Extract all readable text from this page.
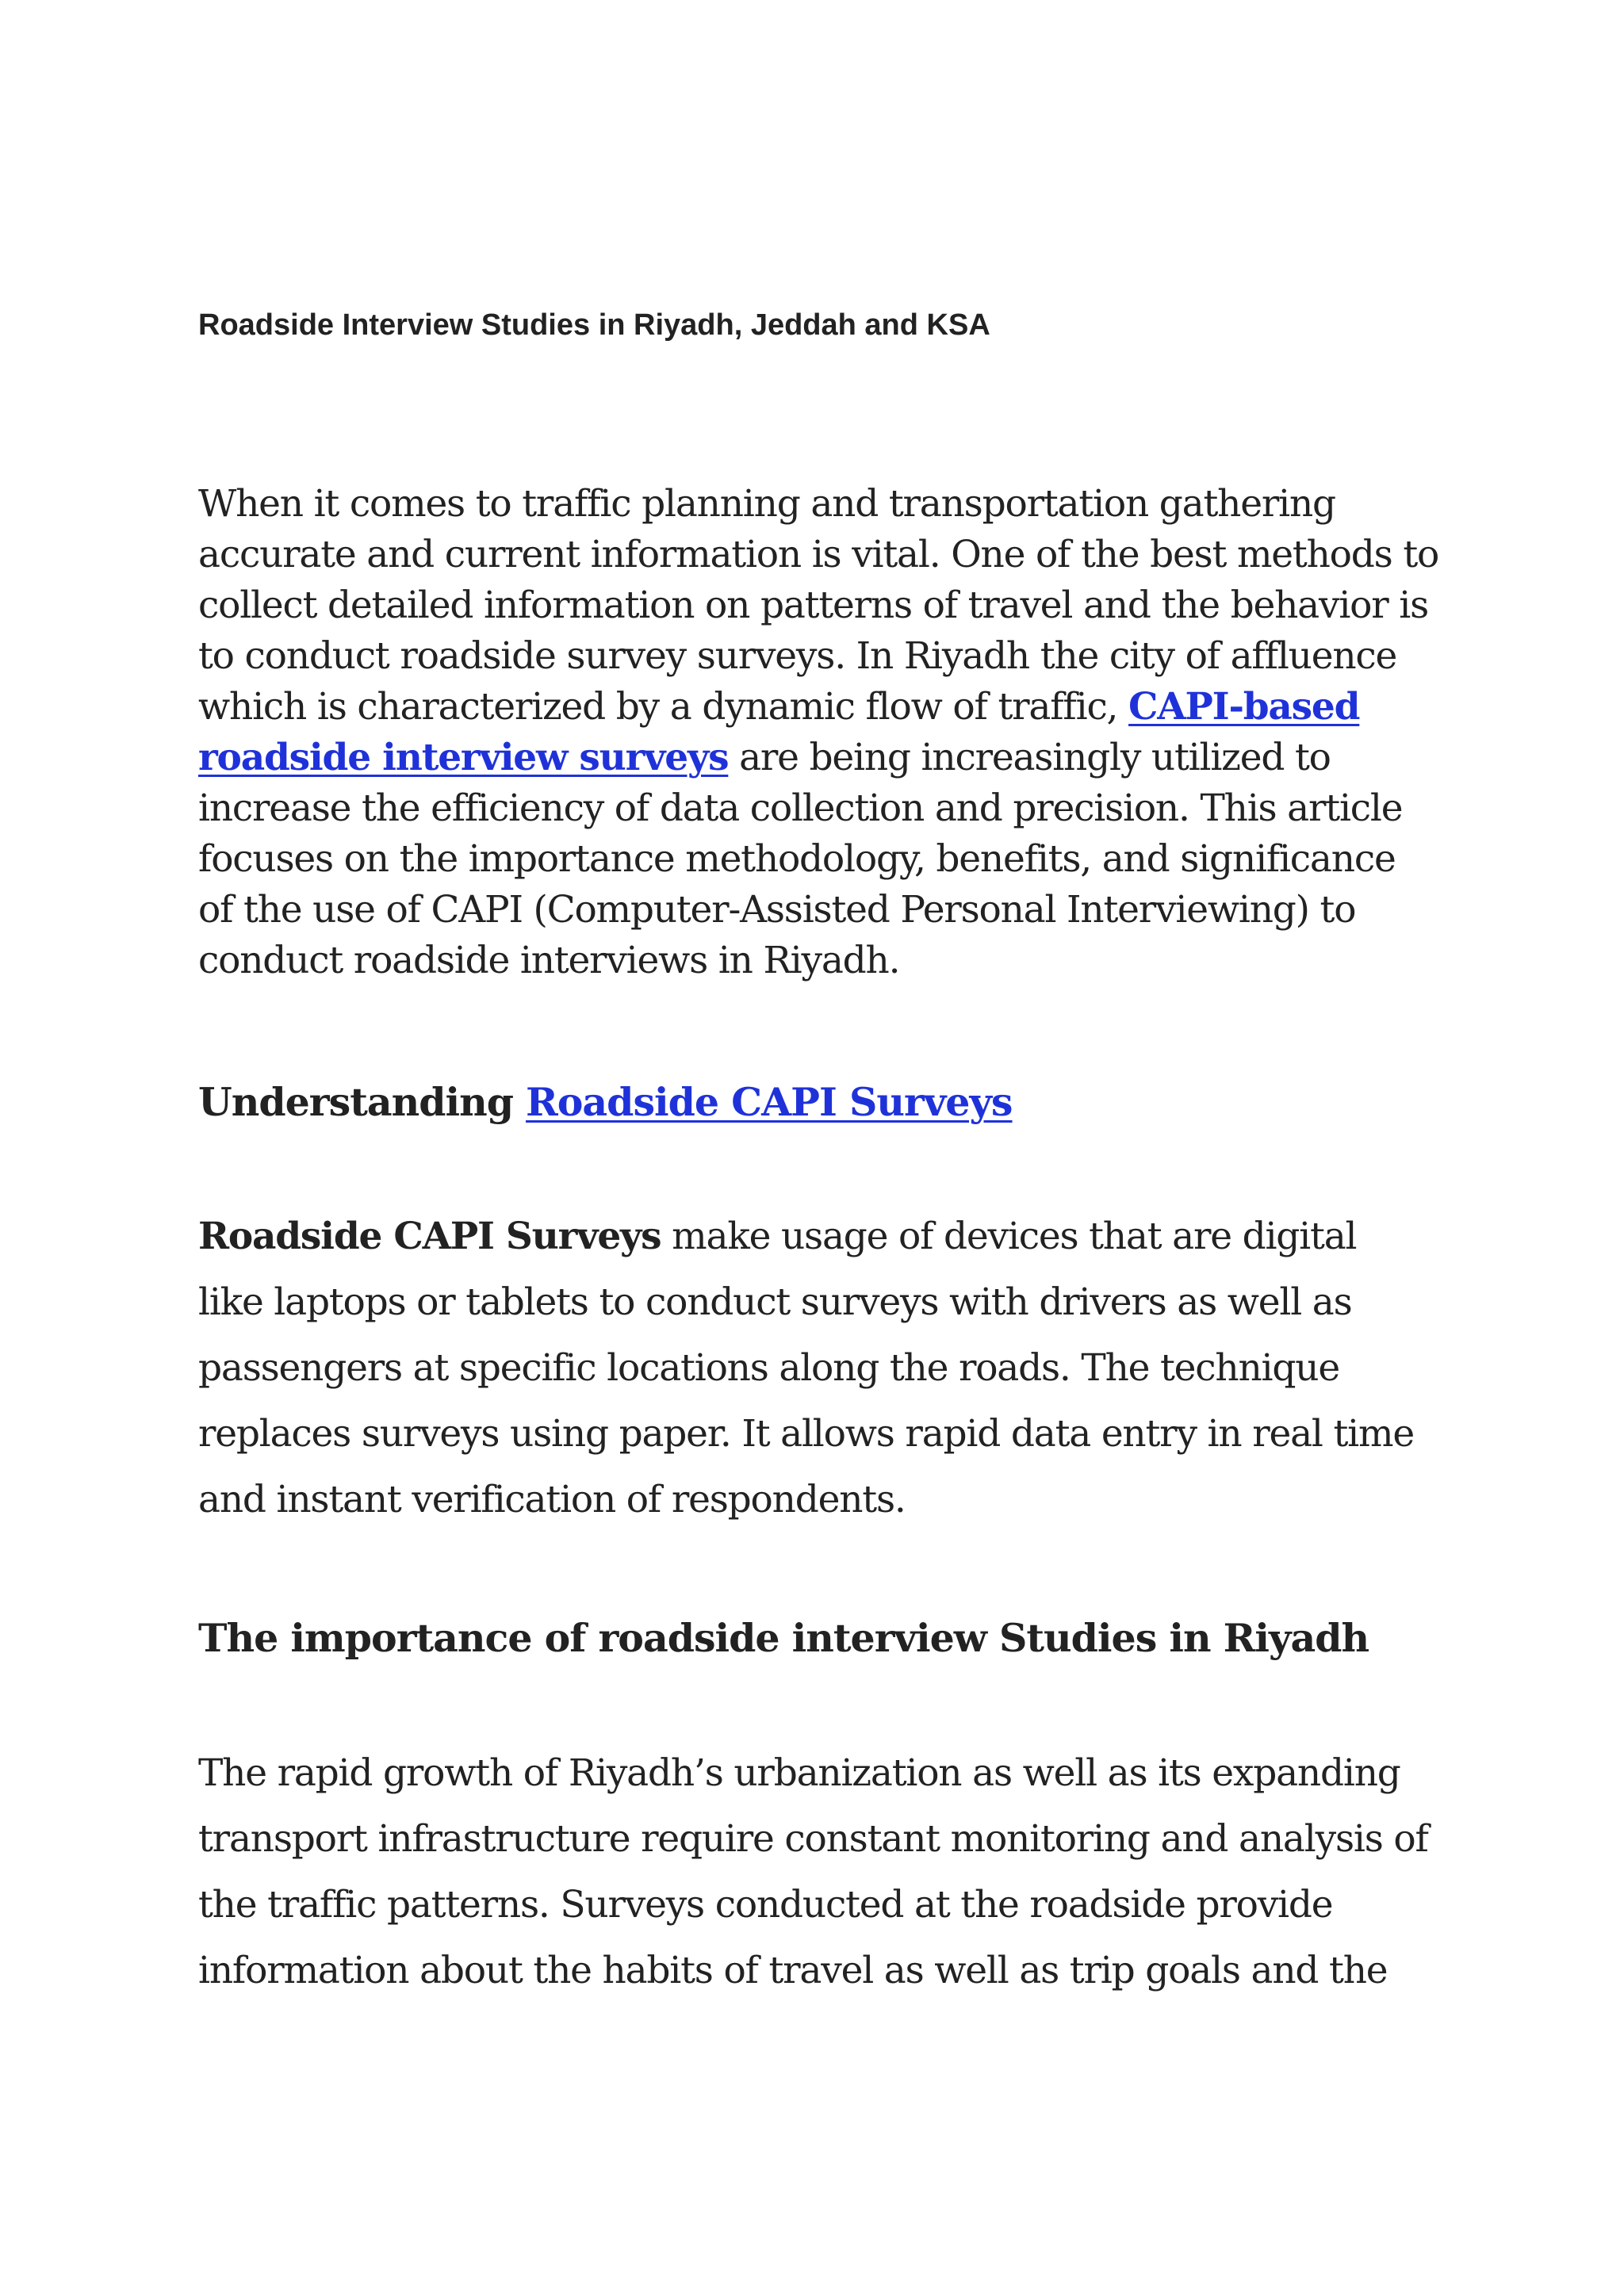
Roadside Interview Studies in Riyadh, Jeddah and KSA

When it comes to traffic planning and transportation gathering
accurate and current information is vital. One of the best methods to
collect detailed information on patterns of travel and the behavior is
to conduct roadside survey surveys. In Riyadh the city of affluence
which is characterized by a dynamic flow of traffic, CAPI-based
roadside interview surveys are being increasingly utilized to
increase the efficiency of data collection and precision. This article
focuses on the importance methodology, benefits, and significance
of the use of CAPI (Computer-Assisted Personal Interviewing) to
conduct roadside interviews in Riyadh.

Understanding Roadside CAPI Surveys

Roadside CAPI Surveys make usage of devices that are digital
like laptops or tablets to conduct surveys with drivers as well as
passengers at specific locations along the roads. The technique
replaces surveys using paper. It allows rapid data entry in real time
and instant verification of respondents.

The importance of roadside interview Studies in Riyadh

The rapid growth of Riyadh’s urbanization as well as its expanding
transport infrastructure require constant monitoring and analysis of
the traffic patterns. Surveys conducted at the roadside provide
information about the habits of travel as well as trip goals and the
